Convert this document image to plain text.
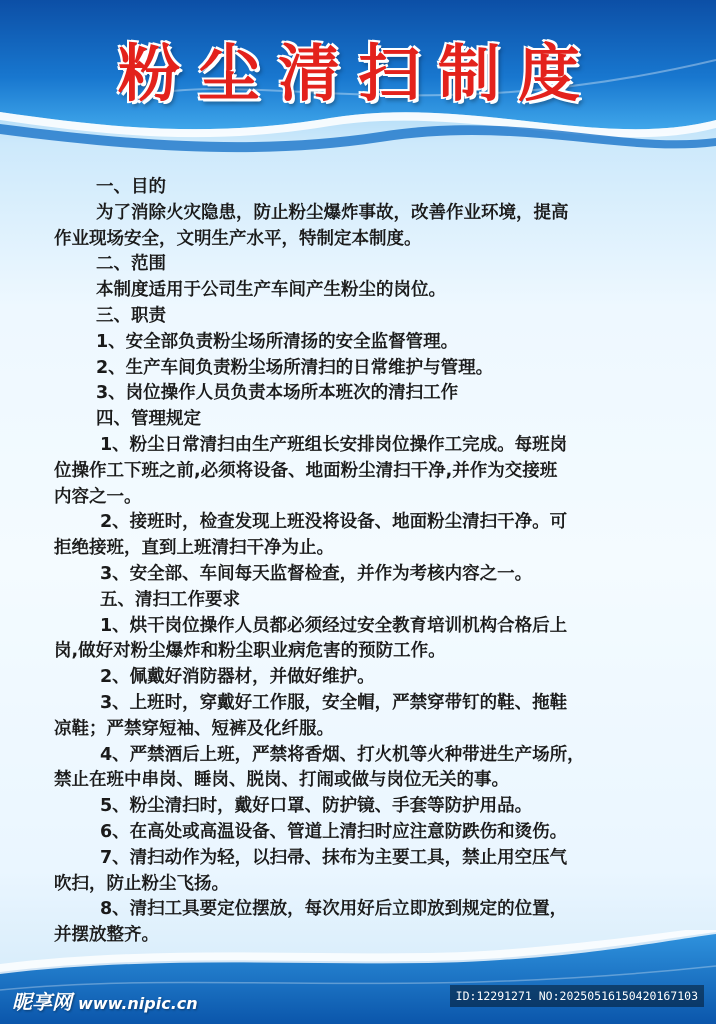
粉尘清扫制度

一、目的

为了消除火灾隐患，防止粉尘爆炸事故，改善作业环境，提高

作业现场安全，文明生产水平，特制定本制度。

二、范围

本制度适用于公司生产车间产生粉尘的岗位。

三、职责

1、安全部负责粉尘场所清扬的安全监督管理。

2、生产车间负责粉尘场所清扫的日常维护与管理。

3、岗位操作人员负责本场所本班次的清扫工作

四、管理规定

1、粉尘日常清扫由生产班组长安排岗位操作工完成。每班岗

位操作工下班之前,必须将设备、地面粉尘清扫干净,并作为交接班

内容之一。

2、接班时，检查发现上班没将设备、地面粉尘清扫干净。可

拒绝接班，直到上班清扫干净为止。

3、安全部、车间每天监督检查，并作为考核内容之一。

五、清扫工作要求

1、烘干岗位操作人员都必须经过安全教育培训机构合格后上

岗,做好对粉尘爆炸和粉尘职业病危害的预防工作。

2、佩戴好消防器材，并做好维护。

3、上班时，穿戴好工作服，安全帽，严禁穿带钉的鞋、拖鞋

凉鞋；严禁穿短袖、短裤及化纤服。

4、严禁酒后上班，严禁将香烟、打火机等火种带进生产场所，

禁止在班中串岗、睡岗、脱岗、打闹或做与岗位无关的事。

5、粉尘清扫时，戴好口罩、防护镜、手套等防护用品。

6、在高处或高温设备、管道上清扫时应注意防跌伤和烫伤。

7、清扫动作为轻，以扫帚、抹布为主要工具，禁止用空压气

吹扫，防止粉尘飞扬。

8、清扫工具要定位摆放，每次用好后立即放到规定的位置，

并摆放整齐。

昵享网 www.nipic.cn	ID:12291271 NO:20250516150420167103
